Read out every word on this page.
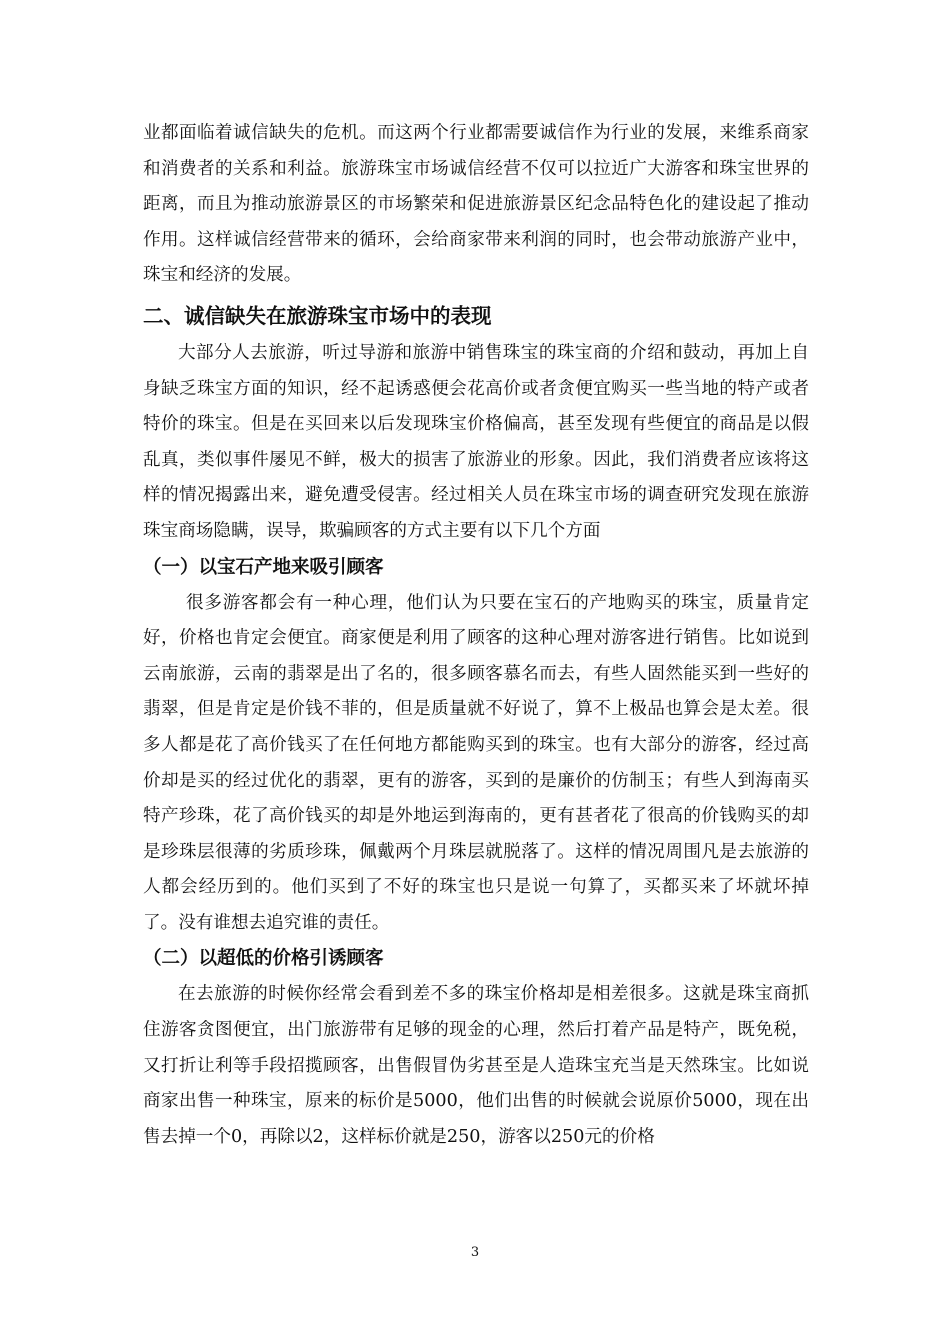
业都面临着诚信缺失的危机。而这两个行业都需要诚信作为行业的发展，来维系商家和消费者的关系和利益。旅游珠宝市场诚信经营不仅可以拉近广大游客和珠宝世界的距离，而且为推动旅游景区的市场繁荣和促进旅游景区纪念品特色化的建设起了推动作用。这样诚信经营带来的循环，会给商家带来利润的同时，也会带动旅游产业中，珠宝和经济的发展。

二、诚信缺失在旅游珠宝市场中的表现

大部分人去旅游，听过导游和旅游中销售珠宝的珠宝商的介绍和鼓动，再加上自身缺乏珠宝方面的知识，经不起诱惑便会花高价或者贪便宜购买一些当地的特产或者特价的珠宝。但是在买回来以后发现珠宝价格偏高，甚至发现有些便宜的商品是以假乱真，类似事件屡见不鲜，极大的损害了旅游业的形象。因此，我们消费者应该将这样的情况揭露出来，避免遭受侵害。经过相关人员在珠宝市场的调查研究发现在旅游珠宝商场隐瞒，误导，欺骗顾客的方式主要有以下几个方面

（一）以宝石产地来吸引顾客

很多游客都会有一种心理，他们认为只要在宝石的产地购买的珠宝，质量肯定好，价格也肯定会便宜。商家便是利用了顾客的这种心理对游客进行销售。比如说到云南旅游，云南的翡翠是出了名的，很多顾客慕名而去，有些人固然能买到一些好的翡翠，但是肯定是价钱不菲的，但是质量就不好说了，算不上极品也算会是太差。很多人都是花了高价钱买了在任何地方都能购买到的珠宝。也有大部分的游客，经过高价却是买的经过优化的翡翠，更有的游客，买到的是廉价的仿制玉；有些人到海南买特产珍珠，花了高价钱买的却是外地运到海南的，更有甚者花了很高的价钱购买的却是珍珠层很薄的劣质珍珠，佩戴两个月珠层就脱落了。这样的情况周围凡是去旅游的人都会经历到的。他们买到了不好的珠宝也只是说一句算了，买都买来了坏就坏掉了。没有谁想去追究谁的责任。

（二）以超低的价格引诱顾客

在去旅游的时候你经常会看到差不多的珠宝价格却是相差很多。这就是珠宝商抓住游客贪图便宜，出门旅游带有足够的现金的心理，然后打着产品是特产，既免税，又打折让利等手段招揽顾客，出售假冒伪劣甚至是人造珠宝充当是天然珠宝。比如说商家出售一种珠宝，原来的标价是5000，他们出售的时候就会说原价5000，现在出售去掉一个0，再除以2，这样标价就是250，游客以250元的价格

3
